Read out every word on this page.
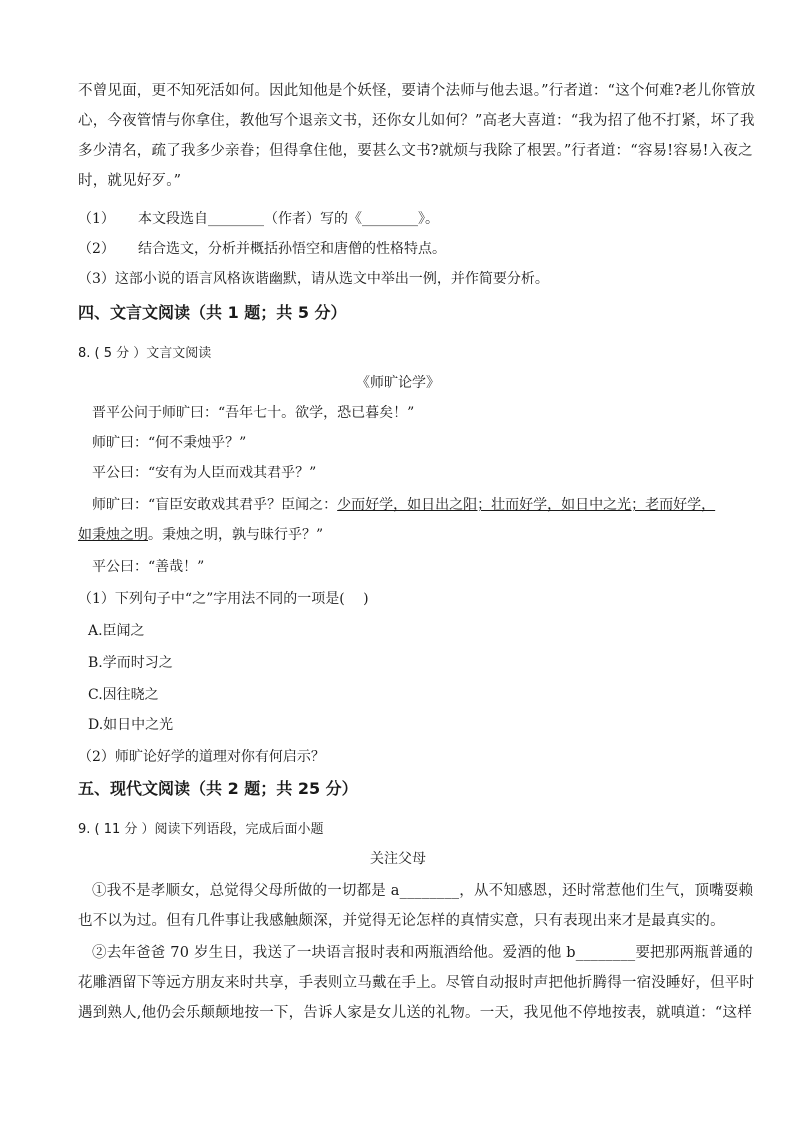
不曾见面，更不知死活如何。因此知他是个妖怪，要请个法师与他去退。”行者道：“这个何难?老儿你管放
心，今夜管情与你拿住，教他写个退亲文书，还你女儿如何？”高老大喜道：“我为招了他不打紧，坏了我
多少清名，疏了我多少亲眷；但得拿住他，要甚么文书?就烦与我除了根罢。”行者道：“容易!容易!入夜之
时，就见好歹。”
（1） 本文段选自________（作者）写的《________》。
（2） 结合选文，分析并概括孙悟空和唐僧的性格特点。
（3）这部小说的语言风格诙谐幽默，请从选文中举出一例，并作简要分析。
四、文言文阅读（共 1 题；共 5 分）
8. ( 5 分 ）文言文阅读
《师旷论学》
晋平公问于师旷曰：“吾年七十。欲学，恐已暮矣！”
师旷曰：“何不秉烛乎？”
平公曰：“安有为人臣而戏其君乎？”
师旷曰：“盲臣安敢戏其君乎？臣闻之：少而好学，如日出之阳；壮而好学，如日中之光；老而好学，
如秉烛之明。秉烛之明，孰与昧行乎？”
平公曰：“善哉！”
（1）下列句子中“之”字用法不同的一项是(　 )
A.臣闻之
B.学而时习之
C.因往晓之
D.如日中之光
（2）师旷论好学的道理对你有何启示？
五、现代文阅读（共 2 题；共 25 分）
9. ( 11 分 ）阅读下列语段，完成后面小题
关注父母
①我不是孝顺女，总觉得父母所做的一切都是 a________，从不知感恩，还时常惹他们生气，顶嘴耍赖
也不以为过。但有几件事让我感触颇深，并觉得无论怎样的真情实意，只有表现出来才是最真实的。
②去年爸爸 70 岁生日，我送了一块语言报时表和两瓶酒给他。爱酒的他 b________要把那两瓶普通的
花雕酒留下等远方朋友来时共享，手表则立马戴在手上。尽管自动报时声把他折腾得一宿没睡好，但平时
遇到熟人,他仍会乐颠颠地按一下，告诉人家是女儿送的礼物。一天，我见他不停地按表，就嗔道：“这样
